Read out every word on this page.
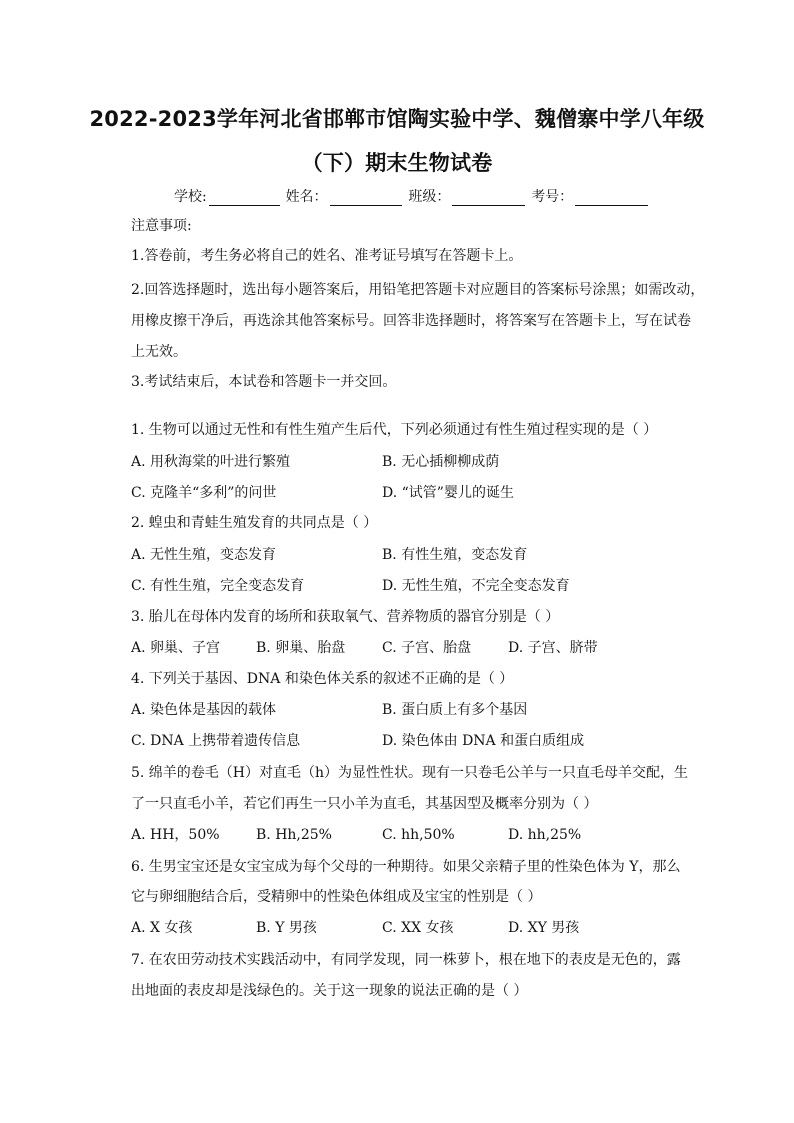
2022-2023学年河北省邯郸市馆陶实验中学、魏僧寨中学八年级
（下）期末生物试卷
学校:	姓名：	班级：	考号：
注意事项:
1.答卷前，考生务必将自己的姓名、准考证号填写在答题卡上。
2.回答选择题时，选出每小题答案后，用铅笔把答题卡对应题目的答案标号涂黑；如需改动，
用橡皮擦干净后，再选涂其他答案标号。回答非选择题时，将答案写在答题卡上，写在试卷
上无效。
3.考试结束后，本试卷和答题卡一并交回。
1. 生物可以通过无性和有性生殖产生后代，下列必须通过有性生殖过程实现的是（ ）
A. 用秋海棠的叶进行繁殖	B. 无心插柳柳成荫
C. 克隆羊“多利”的问世	D. “试管”婴儿的诞生
2. 蝗虫和青蛙生殖发育的共同点是（ ）
A. 无性生殖，变态发育	B. 有性生殖，变态发育
C. 有性生殖，完全变态发育	D. 无性生殖，不完全变态发育
3. 胎儿在母体内发育的场所和获取氧气、营养物质的器官分别是（ ）
A. 卵巢、子宫	B. 卵巢、胎盘	C. 子宫、胎盘	D. 子宫、脐带
4. 下列关于基因、DNA 和染色体关系的叙述不正确的是（ ）
A. 染色体是基因的载体	B. 蛋白质上有多个基因
C. DNA 上携带着遗传信息	D. 染色体由 DNA 和蛋白质组成
5. 绵羊的卷毛（H）对直毛（h）为显性性状。现有一只卷毛公羊与一只直毛母羊交配，生
了一只直毛小羊，若它们再生一只小羊为直毛，其基因型及概率分别为（ ）
A. HH，50%	B. Hh,25%	C. hh,50%	D. hh,25%
6. 生男宝宝还是女宝宝成为每个父母的一种期待。如果父亲精子里的性染色体为 Y，那么
它与卵细胞结合后，受精卵中的性染色体组成及宝宝的性别是（ ）
A. X 女孩	B. Y 男孩	C. XX 女孩	D. XY 男孩
7. 在农田劳动技术实践活动中，有同学发现，同一株萝卜，根在地下的表皮是无色的，露
出地面的表皮却是浅绿色的。关于这一现象的说法正确的是（ ）
